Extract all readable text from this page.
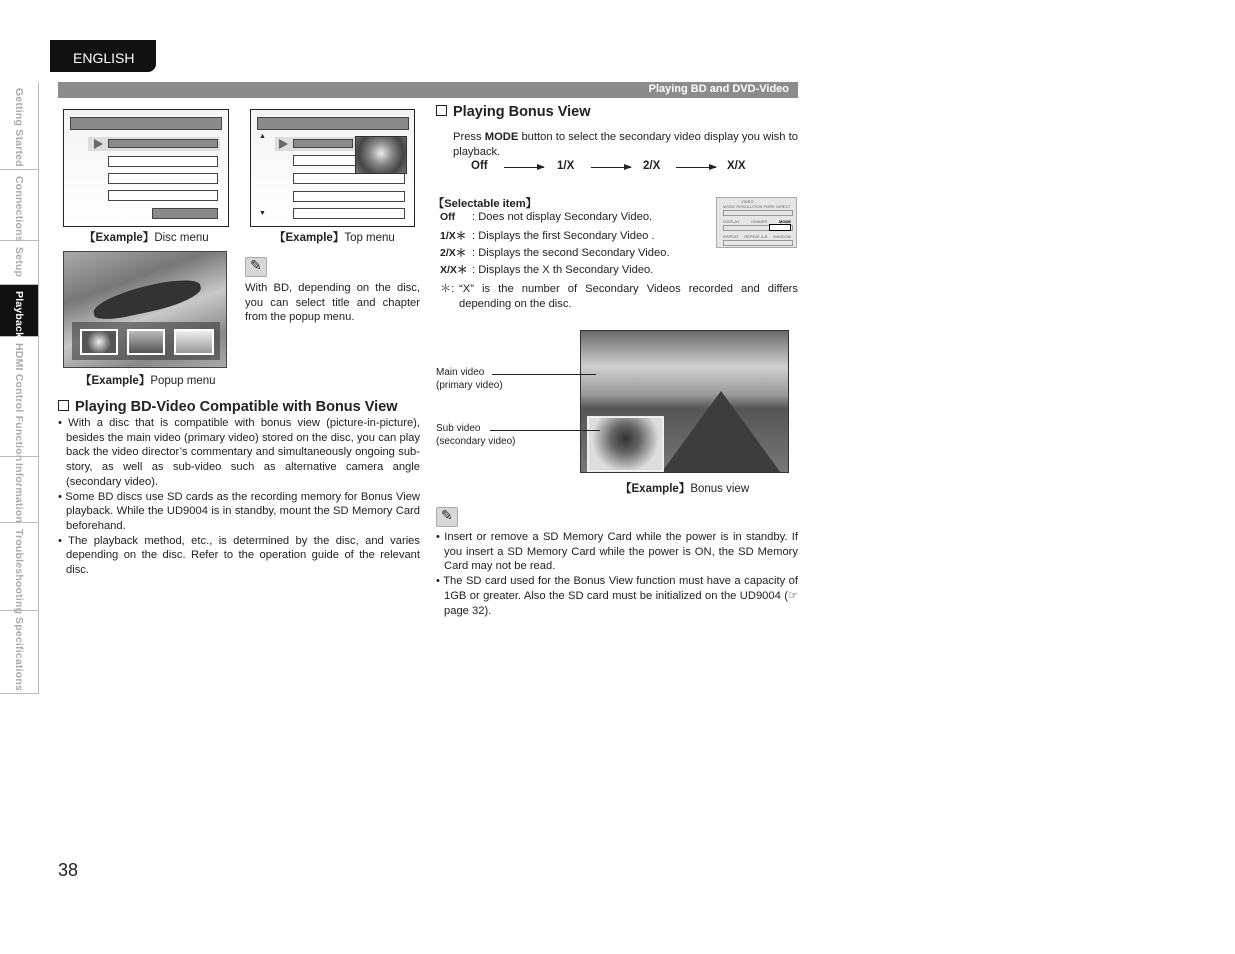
ENGLISH
Getting Started
Connections
Setup
Playback
HDMI Control Function
Information
Troubleshooting
Specifications
Playing BD and DVD-Video
【Example】Disc menu
▲
▼
【Example】Top menu
【Example】Popup menu
✎
With BD, depending on the disc, you can select title and chapter from the popup menu.
Playing BD-Video Compatible with Bonus View

• With a disc that is compatible with bonus view (picture-in-picture), besides the main video (primary video) stored on the disc, you can play back the video director’s commentary and simultaneously ongoing sub-story, as well as sub-video such as alternative camera angle (secondary video).

• Some BD discs use SD cards as the recording memory for Bonus View playback. While the UD9004 is in standby, mount the SD Memory Card beforehand.

• The playback method, etc., is determined by the disc, and varies depending on the disc. Refer to the operation guide of the relevant disc.

Playing Bonus View
Press MODE button to select the secondary video display you wish to playback.
Off	1/X	2/X	X/X
【Selectable item】
Off : Does not display Secondary Video.
1/X＊ : Displays the first Secondary Video .
2/X＊ : Displays the second Secondary Video.
X/X＊ : Displays the X th Secondary Video.
VIDEO
MODE RESOLUTION PURE DIRECT
DISPLAY	DIMMER	MODE
REPEAT REPEAT A-B RANDOM
＊: “X” is the number of Secondary Videos recorded and differs depending on the disc.
Main video
(primary video)
Sub video
(secondary video)
【Example】Bonus view
✎

• Insert or remove a SD Memory Card while the power is in standby. If you insert a SD Memory Card while the power is ON, the SD Memory Card may not be read.

• The SD card used for the Bonus View function must have a capacity of 1GB or greater. Also the SD card must be initialized on the UD9004 (☞page 32).

38
